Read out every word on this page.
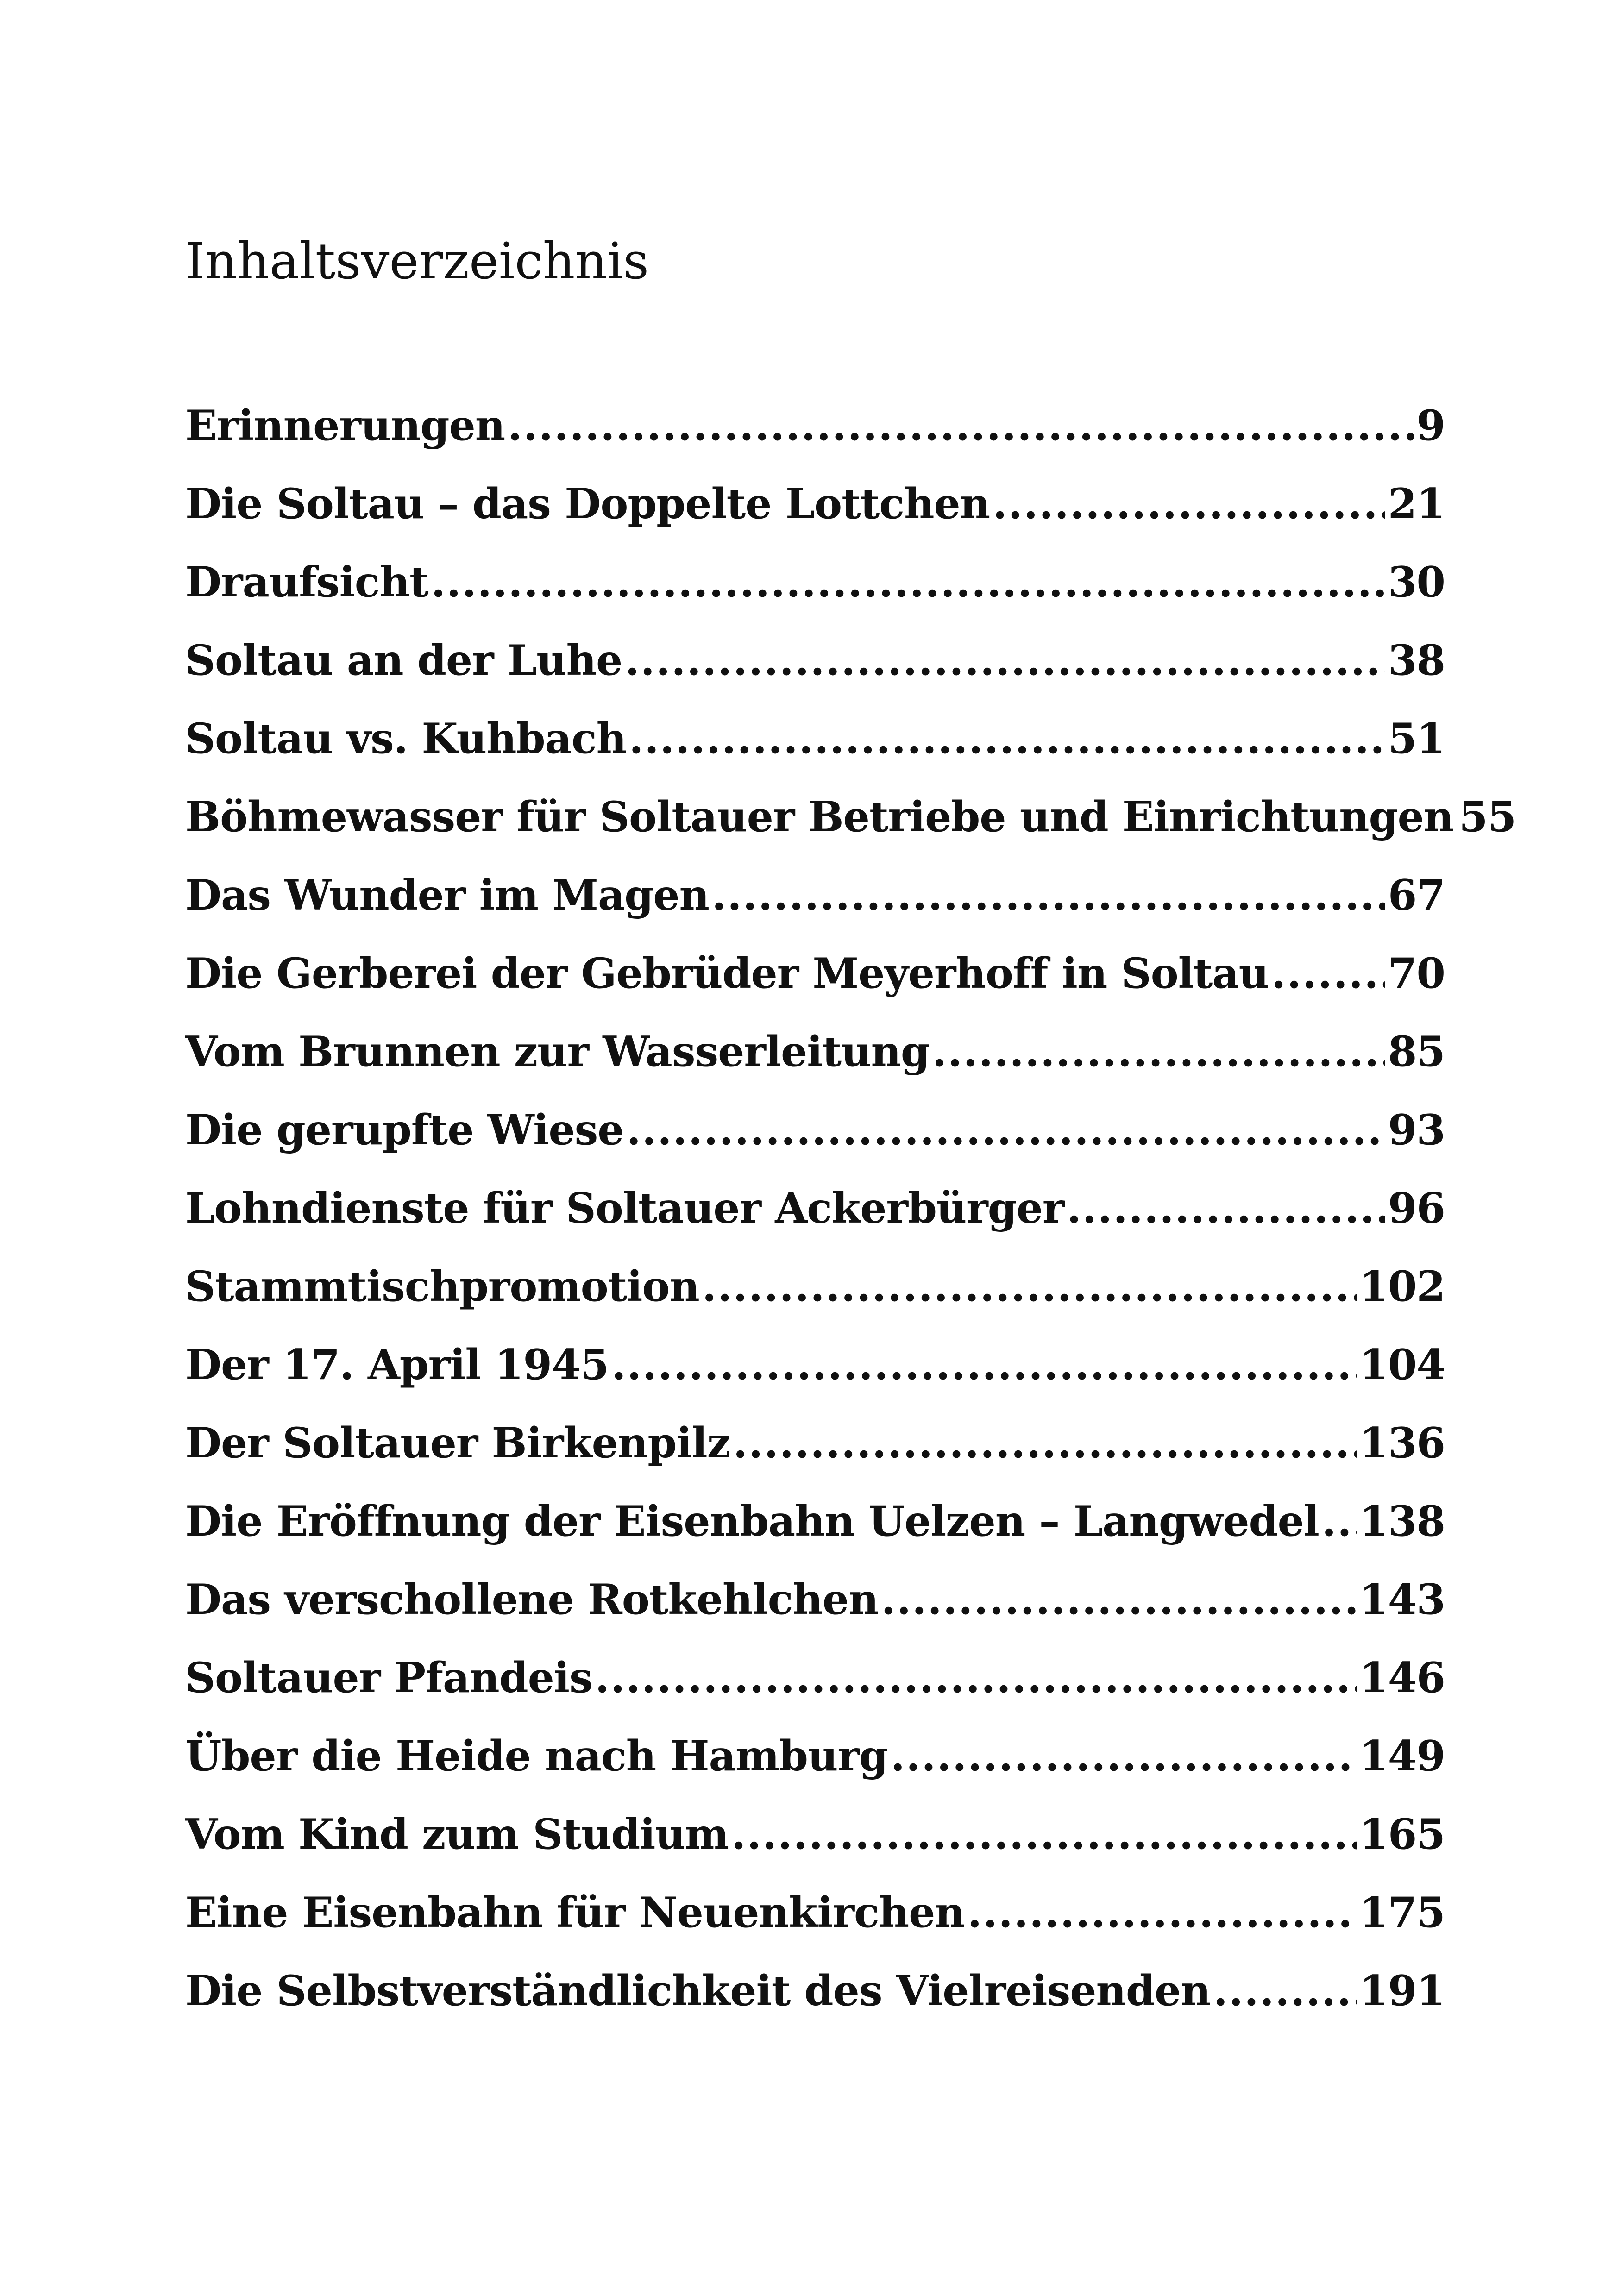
Inhaltsverzeichnis
Erinnerungen .....	9
Die Soltau – das Doppelte Lottchen .....	21
Draufsicht .....	30
Soltau an der Luhe .....	38
Soltau vs. Kuhbach .....	51
Böhmewasser für Soltauer Betriebe und Einrichtungen 55
Das Wunder im Magen .....	67
Die Gerberei der Gebrüder Meyerhoff in Soltau .....	70
Vom Brunnen zur Wasserleitung .....	85
Die gerupfte Wiese .....	93
Lohndienste für Soltauer Ackerbürger .....	96
Stammtischpromotion .....	102
Der 17. April 1945 .....	104
Der Soltauer Birkenpilz .....	136
Die Eröffnung der Eisenbahn Uelzen – Langwedel ..... 138
Das verschollene Rotkehlchen .....	143
Soltauer Pfandeis .....	146
Über die Heide nach Hamburg .....	149
Vom Kind zum Studium .....	165
Eine Eisenbahn für Neuenkirchen .....	175
Die Selbstverständlichkeit des Vielreisenden .....	191
